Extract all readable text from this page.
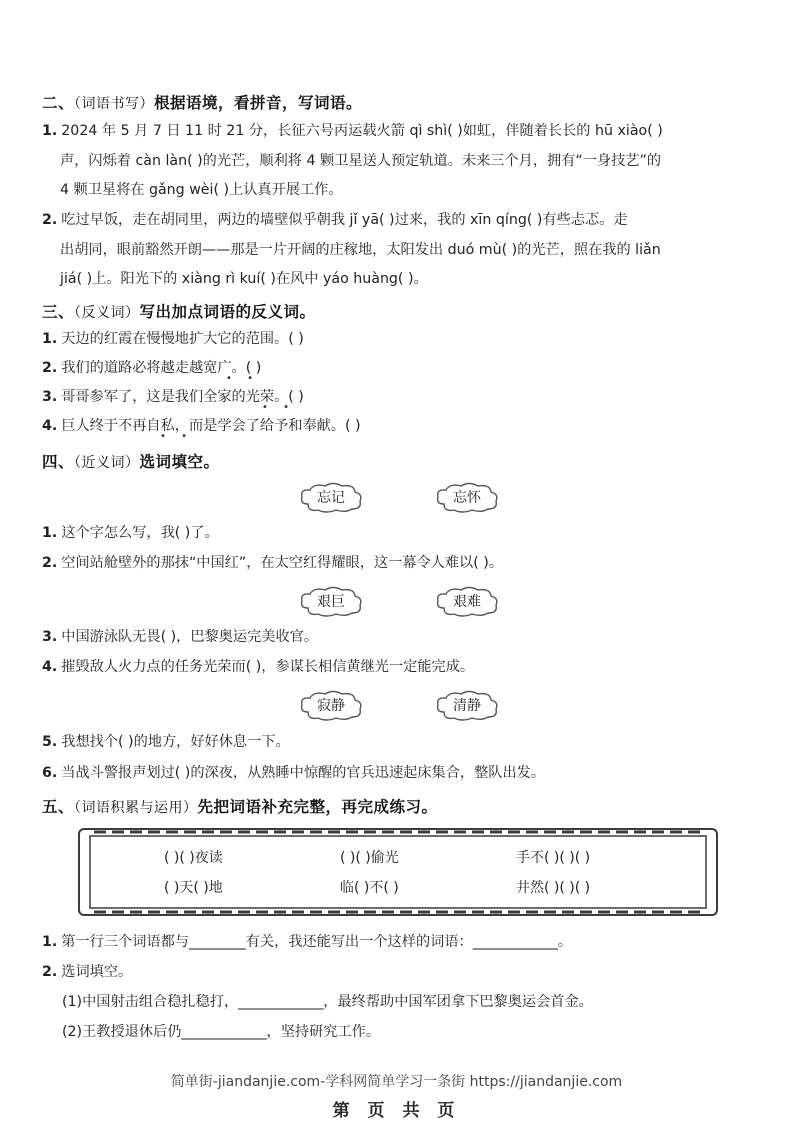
二、（词语书写）根据语境，看拼音，写词语。
1. 2024 年 5 月 7 日 11 时 21 分，长征六号丙运载火箭 qì shì( )如虹，伴随着长长的 hū xiào( )
声，闪烁着 càn làn( )的光芒，顺利将 4 颗卫星送人预定轨道。未来三个月，拥有“一身技艺”的
4 颗卫星将在 gǎng wèi( )上认真开展工作。
2. 吃过早饭，走在胡同里，两边的墙壁似乎朝我 jǐ yā( )过来，我的 xīn qíng( )有些忐忑。走
出胡同，眼前豁然开朗——那是一片开阔的庄稼地，太阳发出 duó mù( )的光芒，照在我的 liǎn
jiá( )上。阳光下的 xiàng rì kuí( )在风中 yáo huàng( )。
三、（反义词）写出加点词语的反义词。
1. 天边的红霞在慢慢地扩大它的范围。( )
2. 我们的道路必将越走越宽广。( )
• •
3. 哥哥参军了，这是我们全家的光荣。( )
• •
4. 巨人终于不再自私，而是学会了给予和奉献。( )
• •
四、（近义词）选词填空。
忘记	忘怀
1. 这个字怎么写，我( )了。
2. 空间站舱壁外的那抹“中国红”，在太空红得耀眼，这一幕令人难以( )。
艰巨	艰难
3. 中国游泳队无畏( )，巴黎奥运完美收官。
4. 摧毁敌人火力点的任务光荣而( )，参谋长相信黄继光一定能完成。
寂静	清静
5. 我想找个( )的地方，好好休息一下。
6. 当战斗警报声划过( )的深夜，从熟睡中惊醒的官兵迅速起床集合，整队出发。
五、（词语积累与运用）先把词语补充完整，再完成练习。
( )( )夜读	( )( )偷光	手不( )( )( )
( )天( )地	临( )不( )	井然( )( )( )
1. 第一行三个词语都与________有关，我还能写出一个这样的词语：____________。
2. 选词填空。
(1)中国射击组合稳扎稳打，____________，最终帮助中国军团拿下巴黎奥运会首金。
(2)王教授退休后仍____________，坚持研究工作。
简单街-jiandanjie.com-学科网简单学习一条街 https://jiandanjie.com
第 页 共 页
